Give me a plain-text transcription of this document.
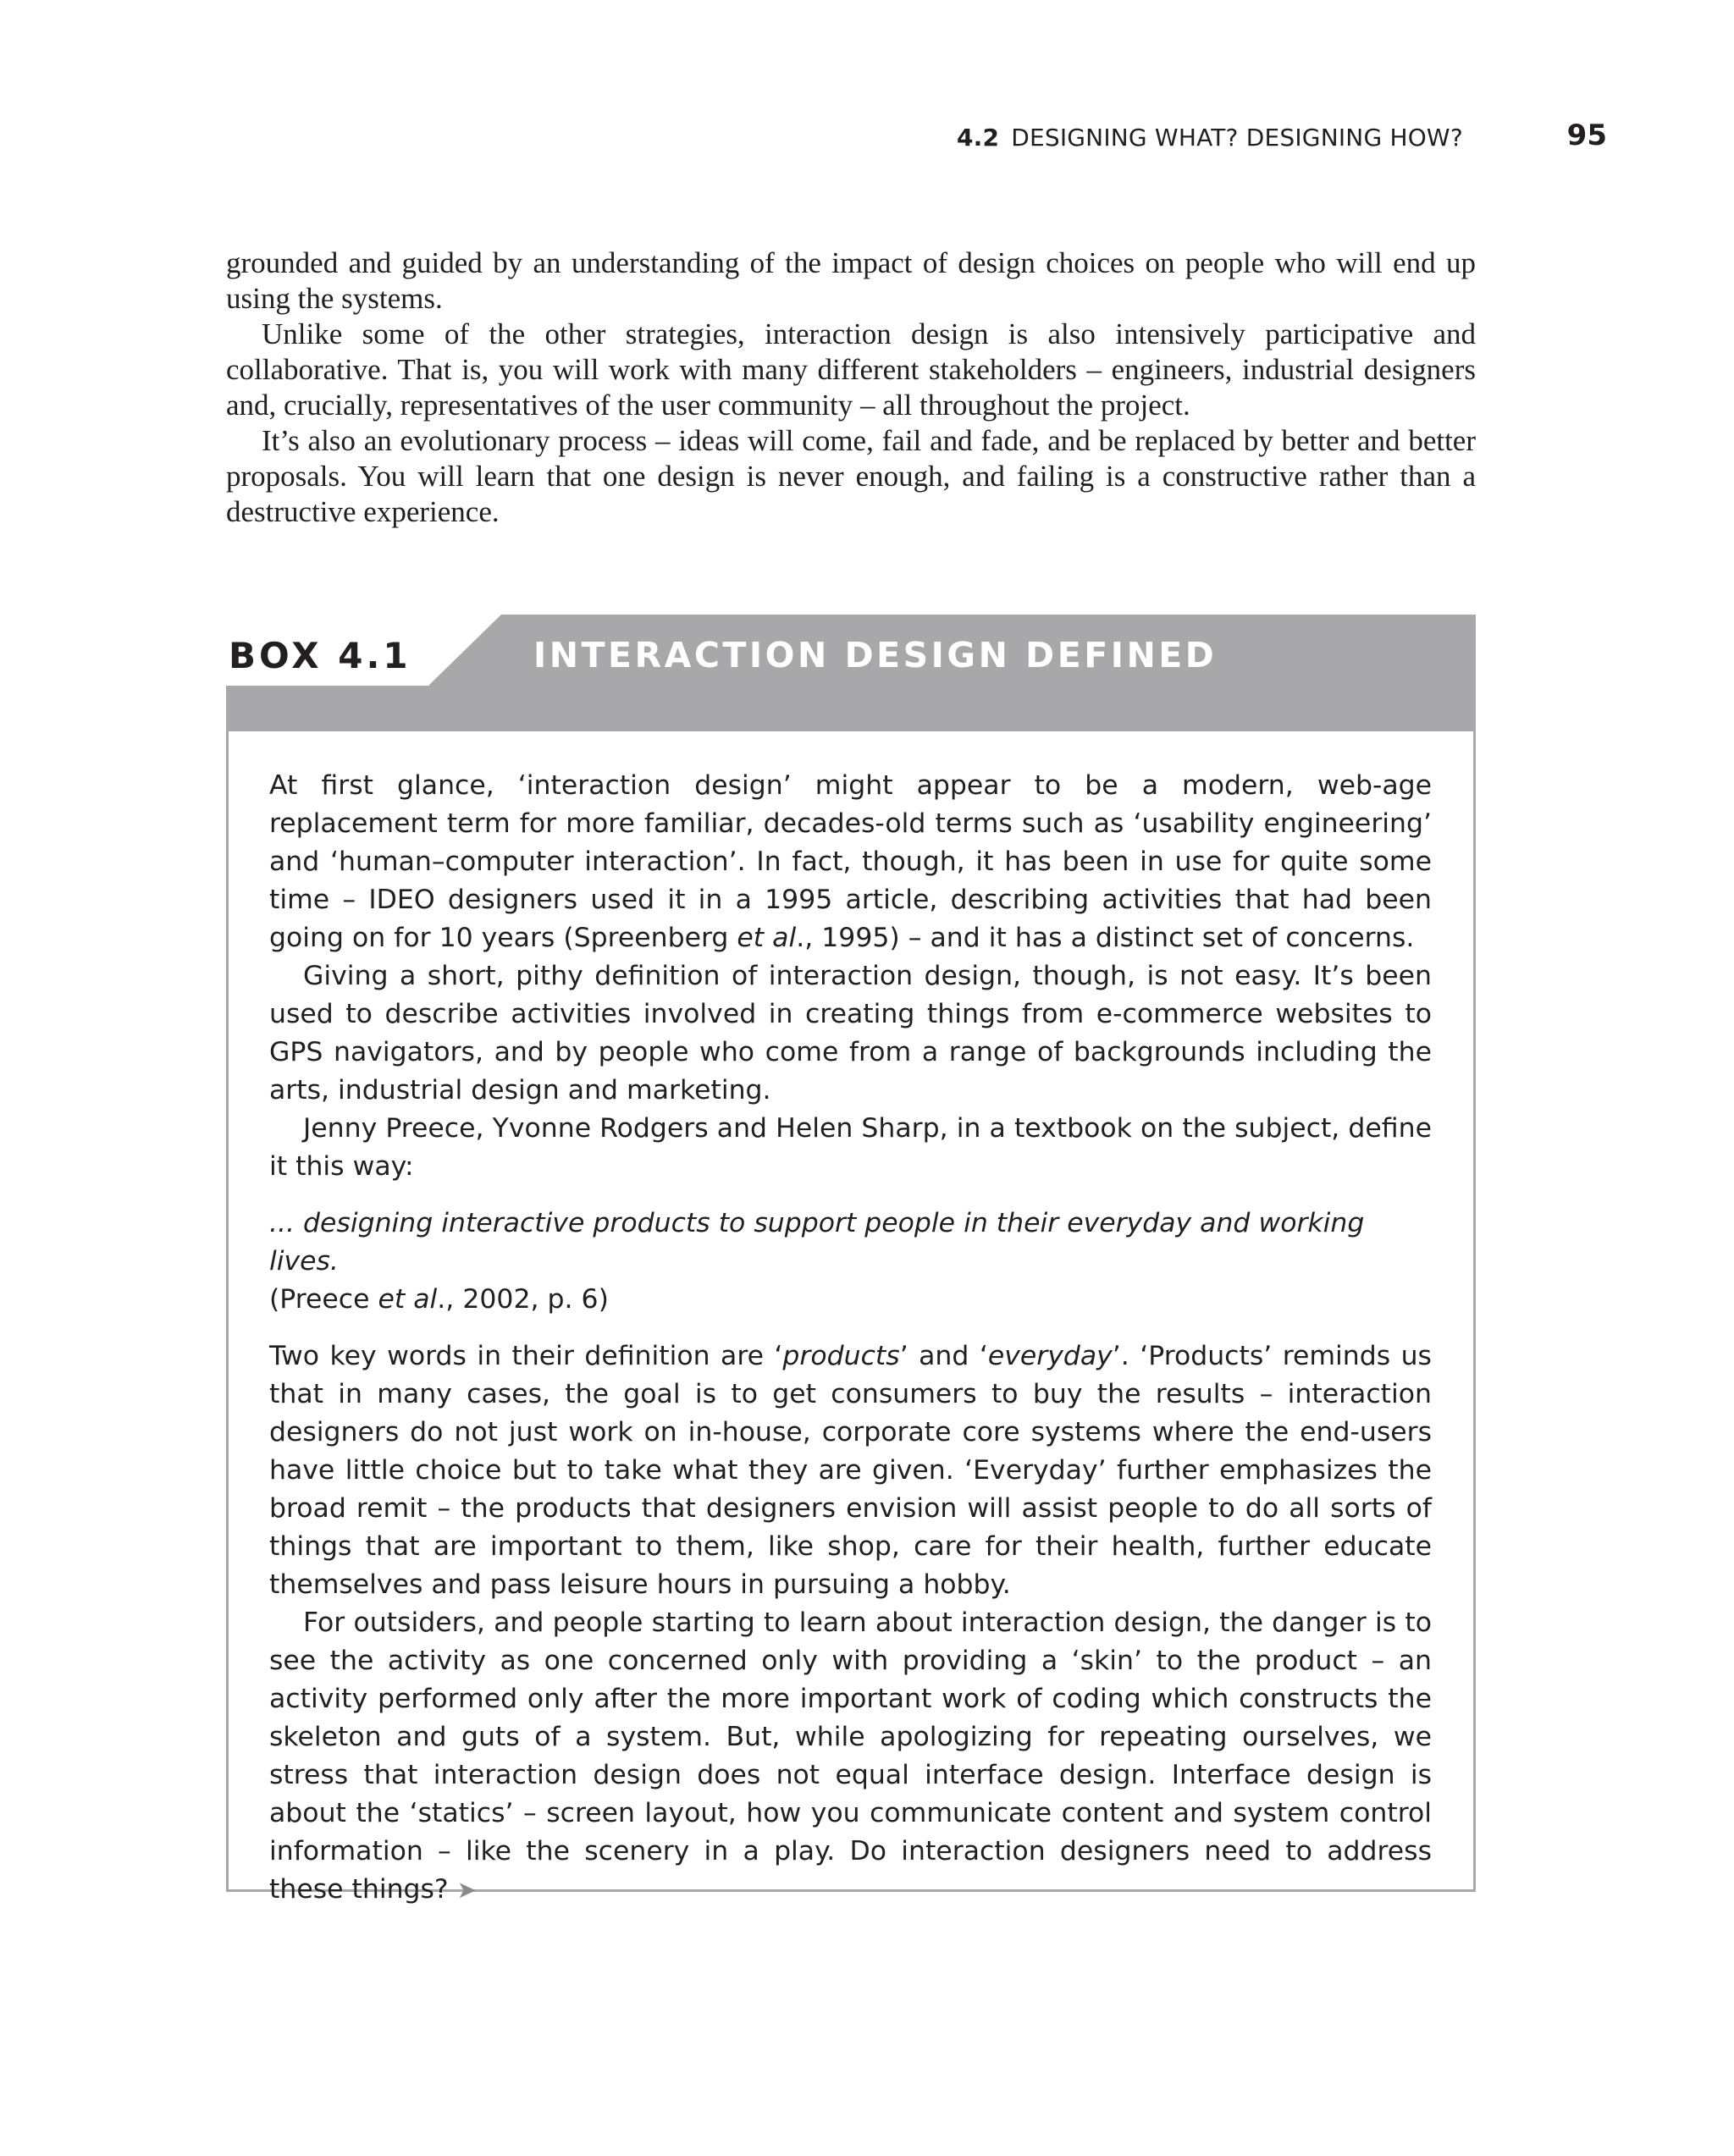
4.2 DESIGNING WHAT? DESIGNING HOW?	95

grounded and guided by an understanding of the impact of design choices on people who will end up using the systems.

Unlike some of the other strategies, interaction design is also intensively participative and collaborative. That is, you will work with many different stakeholders – engineers, industrial designers and, crucially, representatives of the user community – all throughout the project.

It’s also an evolutionary process – ideas will come, fail and fade, and be replaced by better and better proposals. You will learn that one design is never enough, and failing is a constructive rather than a destructive experience.

BOX 4.1	INTERACTION DESIGN DEFINED

At first glance, ‘interaction design’ might appear to be a modern, web-age replacement term for more familiar, decades-old terms such as ‘usability engineering’ and ‘human–computer interaction’. In fact, though, it has been in use for quite some time – IDEO designers used it in a 1995 article, describing activities that had been going on for 10 years (Spreenberg et al., 1995) – and it has a distinct set of concerns.

Giving a short, pithy definition of interaction design, though, is not easy. It’s been used to describe activities involved in creating things from e-commerce websites to GPS navigators, and by people who come from a range of backgrounds including the arts, industrial design and marketing.

Jenny Preece, Yvonne Rodgers and Helen Sharp, in a textbook on the subject, define it this way:

... designing interactive products to support people in their everyday and working lives.
(Preece et al., 2002, p. 6)

Two key words in their definition are ‘products’ and ‘everyday’. ‘Products’ reminds us that in many cases, the goal is to get consumers to buy the results – interaction designers do not just work on in-house, corporate core systems where the end-users have little choice but to take what they are given. ‘Everyday’ further emphasizes the broad remit – the products that designers envision will assist people to do all sorts of things that are important to them, like shop, care for their health, further educate themselves and pass leisure hours in pursuing a hobby.

For outsiders, and people starting to learn about interaction design, the danger is to see the activity as one concerned only with providing a ‘skin’ to the product – an activity performed only after the more important work of coding which constructs the skeleton and guts of a system. But, while apologizing for repeating ourselves, we stress that interaction design does not equal interface design. Interface design is about the ‘statics’ – screen layout, how you communicate content and system control information – like the scenery in a play. Do interaction designers need to address these things? ➤
